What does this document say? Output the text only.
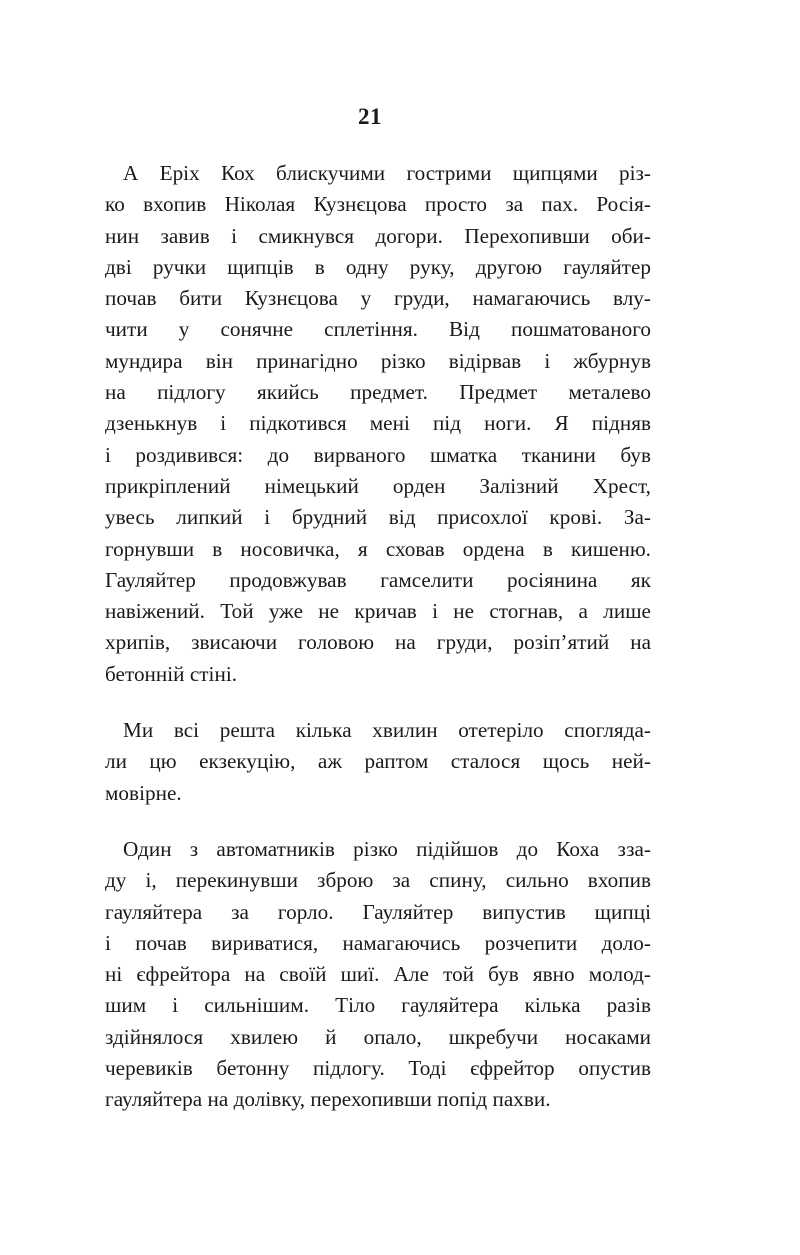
21

А Еріх Кох блискучими гострими щипцями різ-
ко вхопив Ніколая Кузнєцова просто за пах. Росія-
нин завив і смикнувся догори. Перехопивши оби-
дві ручки щипців в одну руку, другою гауляйтер
почав бити Кузнєцова у груди, намагаючись влу-
чити у сонячне сплетіння. Від пошматованого
мундира він принагідно різко відірвав і жбурнув
на підлогу якийсь предмет. Предмет металево
дзенькнув і підкотився мені під ноги. Я підняв
і роздивився: до вирваного шматка тканини був
прикріплений німецький орден Залізний Хрест,
увесь липкий і брудний від присохлої крові. За-
горнувши в носовичка, я сховав ордена в кишеню.
Гауляйтер продовжував гамселити росіянина як
навіжений. Той уже не кричав і не стогнав, а лише
хрипів, звисаючи головою на груди, розіп’ятий на
бетонній стіні.

Ми всі решта кілька хвилин отетеріло спогляда-
ли цю екзекуцію, аж раптом сталося щось ней-
мовірне.

Один з автоматників різко підійшов до Коха зза-
ду і, перекинувши зброю за спину, сильно вхопив
гауляйтера за горло. Гауляйтер випустив щипці
і почав вириватися, намагаючись розчепити доло-
ні єфрейтора на своїй шиї. Але той був явно молод-
шим і сильнішим. Тіло гауляйтера кілька разів
здійнялося хвилею й опало, шкребучи носаками
черевиків бетонну підлогу. Тоді єфрейтор опустив
гауляйтера на долівку, перехопивши попід пахви.
